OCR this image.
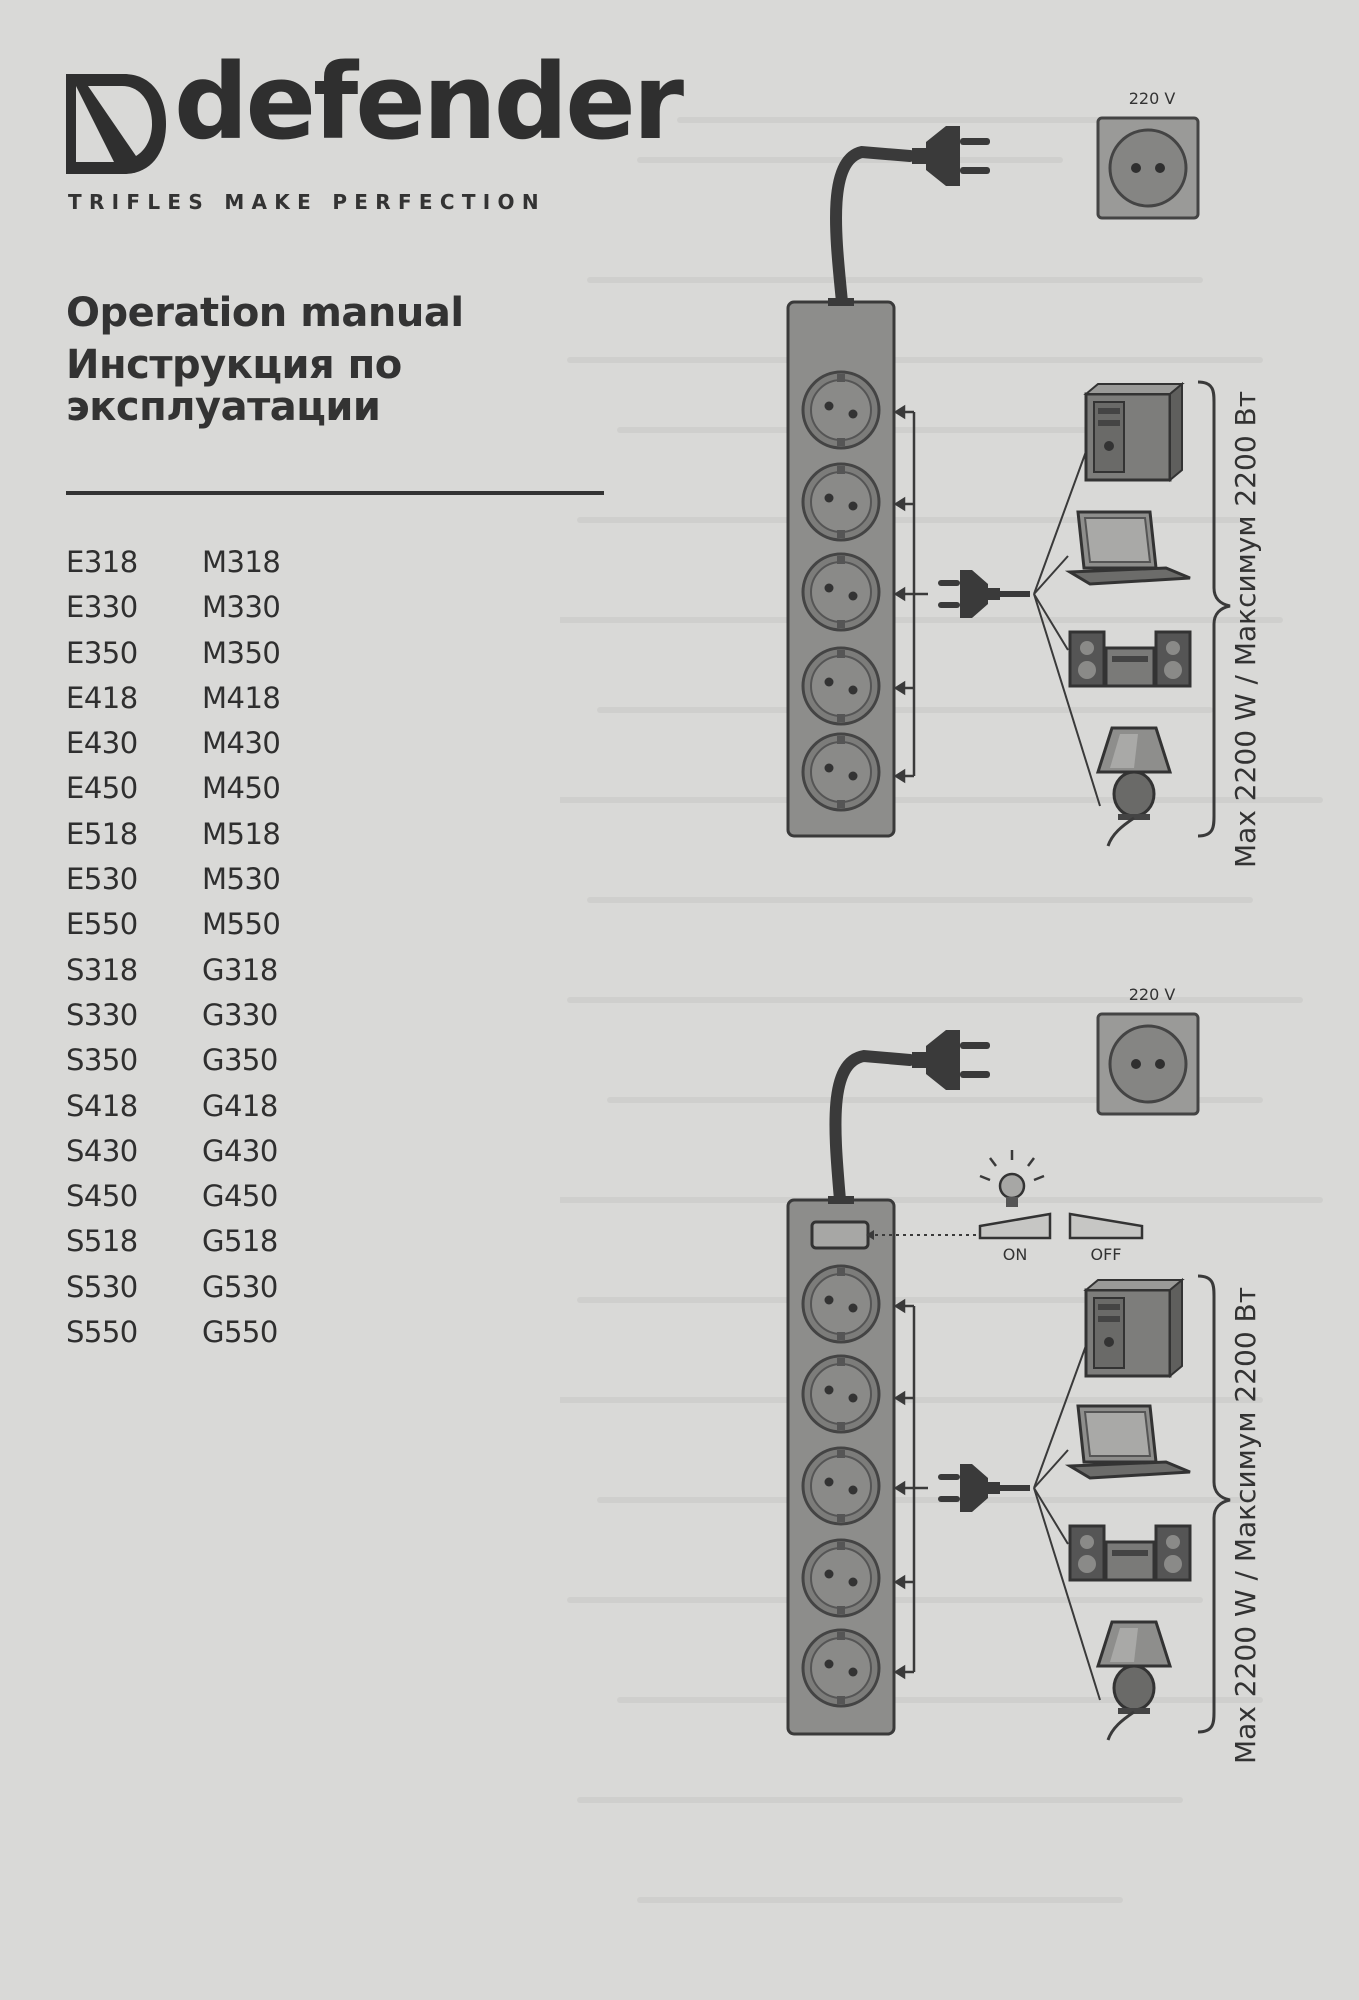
defender
TRIFLES MAKE PERFECTION

Operation manual

Инструкция по

эксплуатации

E318	M318
E330	M330
E350	M350
E418	M418
E430	M430
E450	M450
E518	M518
E530	M530
E550	M550
S318	G318
S330	G330
S350	G350
S418	G418
S430	G430
S450	G450
S518	G518
S530	G530
S550	G550
220 V
Max 2200 W / Максимум 2200 Вт
220 V
ON	OFF
Max 2200 W / Максимум 2200 Вт
